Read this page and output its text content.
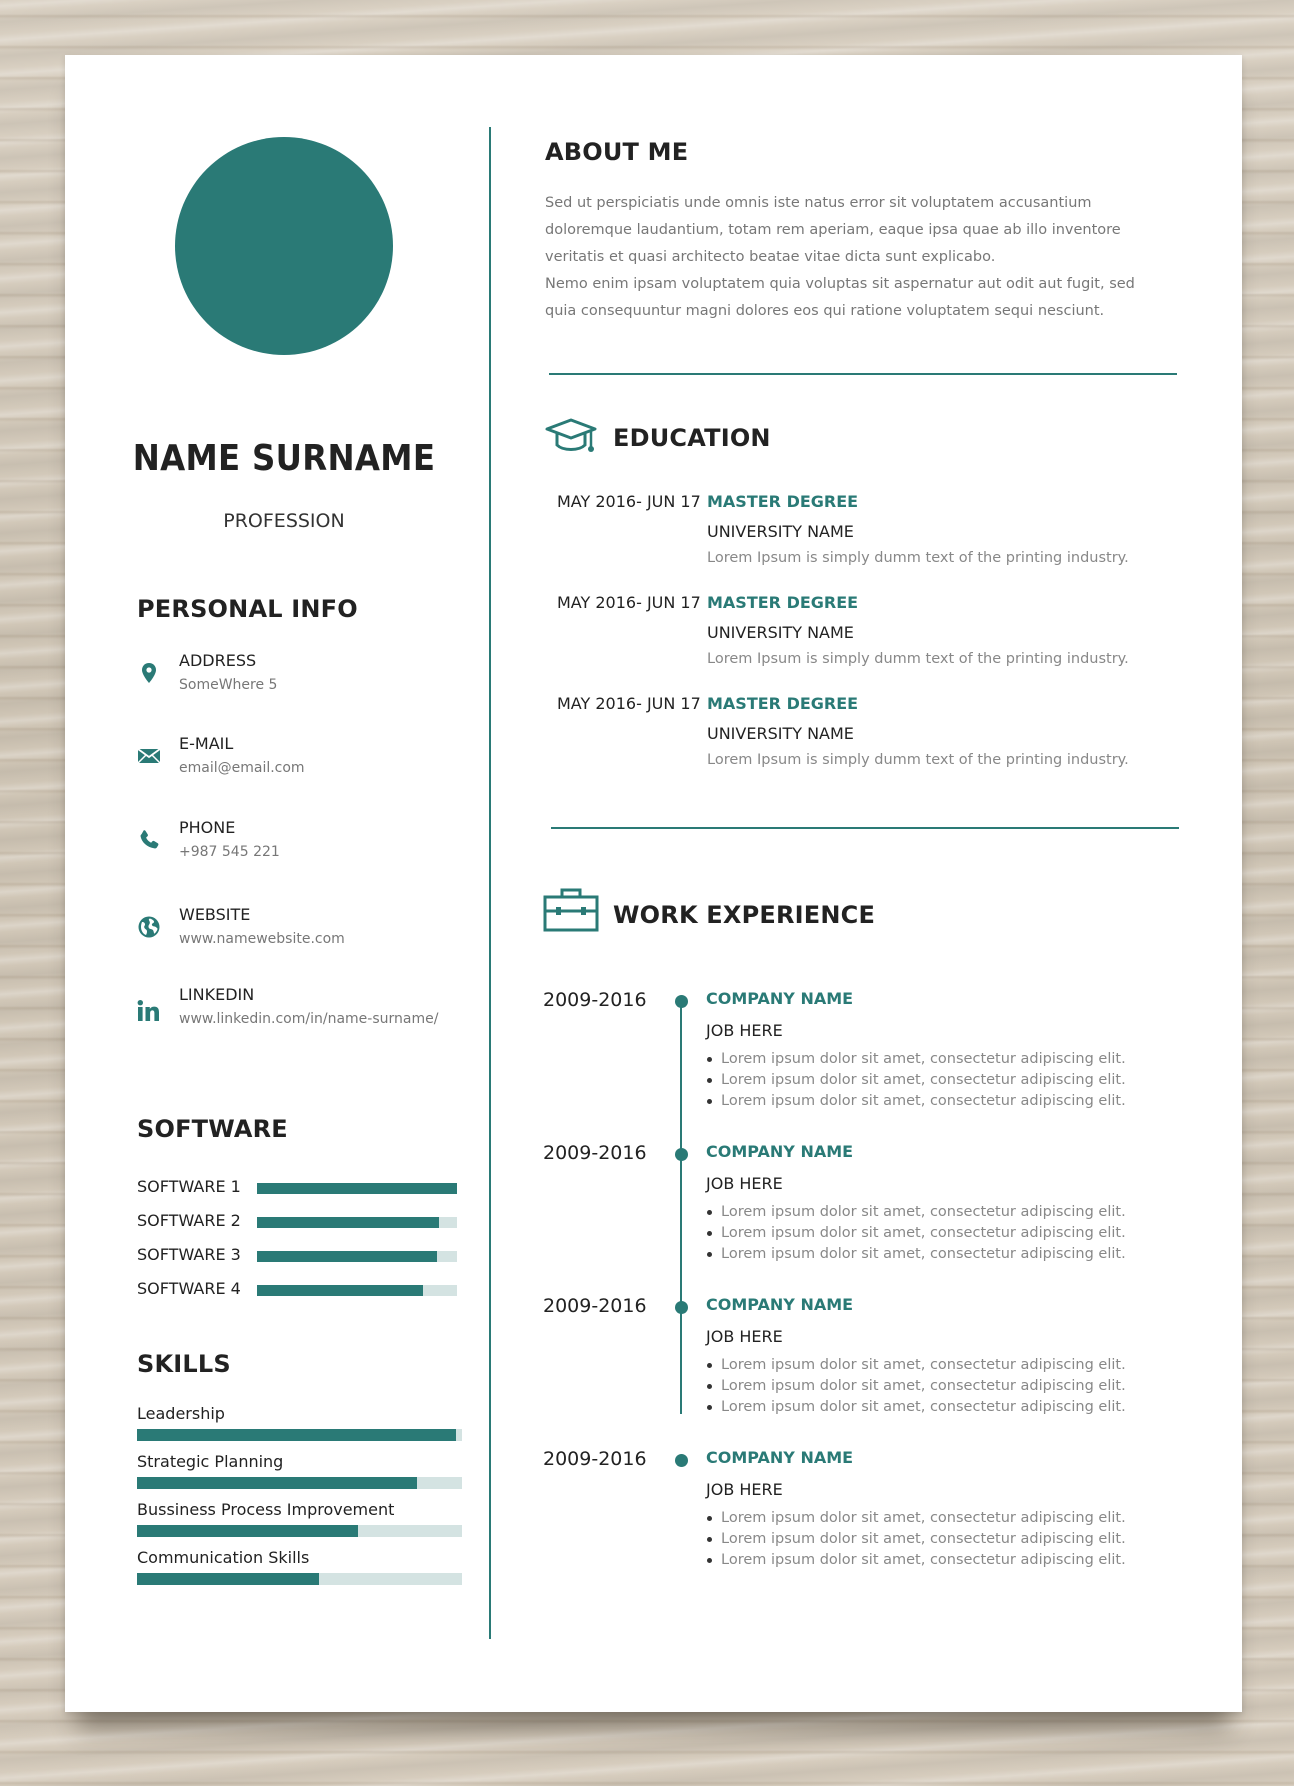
NAME SURNAME
PROFESSION
PERSONAL INFO
ADDRESS
SomeWhere 5
E-MAIL
email@email.com
PHONE
+987 545 221
WEBSITE
www.namewebsite.com
LINKEDIN
www.linkedin.com/in/name-surname/
SOFTWARE
SOFTWARE 1
SOFTWARE 2
SOFTWARE 3
SOFTWARE 4
SKILLS
Leadership
Strategic Planning
Bussiness Process Improvement
Communication Skills
ABOUT ME
Sed ut perspiciatis unde omnis iste natus error sit voluptatem accusantium
doloremque laudantium, totam rem aperiam, eaque ipsa quae ab illo inventore
veritatis et quasi architecto beatae vitae dicta sunt explicabo.
Nemo enim ipsam voluptatem quia voluptas sit aspernatur aut odit aut fugit, sed
quia consequuntur magni dolores eos qui ratione voluptatem sequi nesciunt.
EDUCATION
MAY 2016- JUN 17 MASTER DEGREE
UNIVERSITY NAME
Lorem Ipsum is simply dumm text of the printing industry.
MAY 2016- JUN 17 MASTER DEGREE
UNIVERSITY NAME
Lorem Ipsum is simply dumm text of the printing industry.
MAY 2016- JUN 17 MASTER DEGREE
UNIVERSITY NAME
Lorem Ipsum is simply dumm text of the printing industry.
WORK EXPERIENCE
2009-2016	COMPANY NAME
JOB HERE
Lorem ipsum dolor sit amet, consectetur adipiscing elit.
Lorem ipsum dolor sit amet, consectetur adipiscing elit.
Lorem ipsum dolor sit amet, consectetur adipiscing elit.
2009-2016	COMPANY NAME
JOB HERE
Lorem ipsum dolor sit amet, consectetur adipiscing elit.
Lorem ipsum dolor sit amet, consectetur adipiscing elit.
Lorem ipsum dolor sit amet, consectetur adipiscing elit.
2009-2016	COMPANY NAME
JOB HERE
Lorem ipsum dolor sit amet, consectetur adipiscing elit.
Lorem ipsum dolor sit amet, consectetur adipiscing elit.
Lorem ipsum dolor sit amet, consectetur adipiscing elit.
2009-2016	COMPANY NAME
JOB HERE
Lorem ipsum dolor sit amet, consectetur adipiscing elit.
Lorem ipsum dolor sit amet, consectetur adipiscing elit.
Lorem ipsum dolor sit amet, consectetur adipiscing elit.
